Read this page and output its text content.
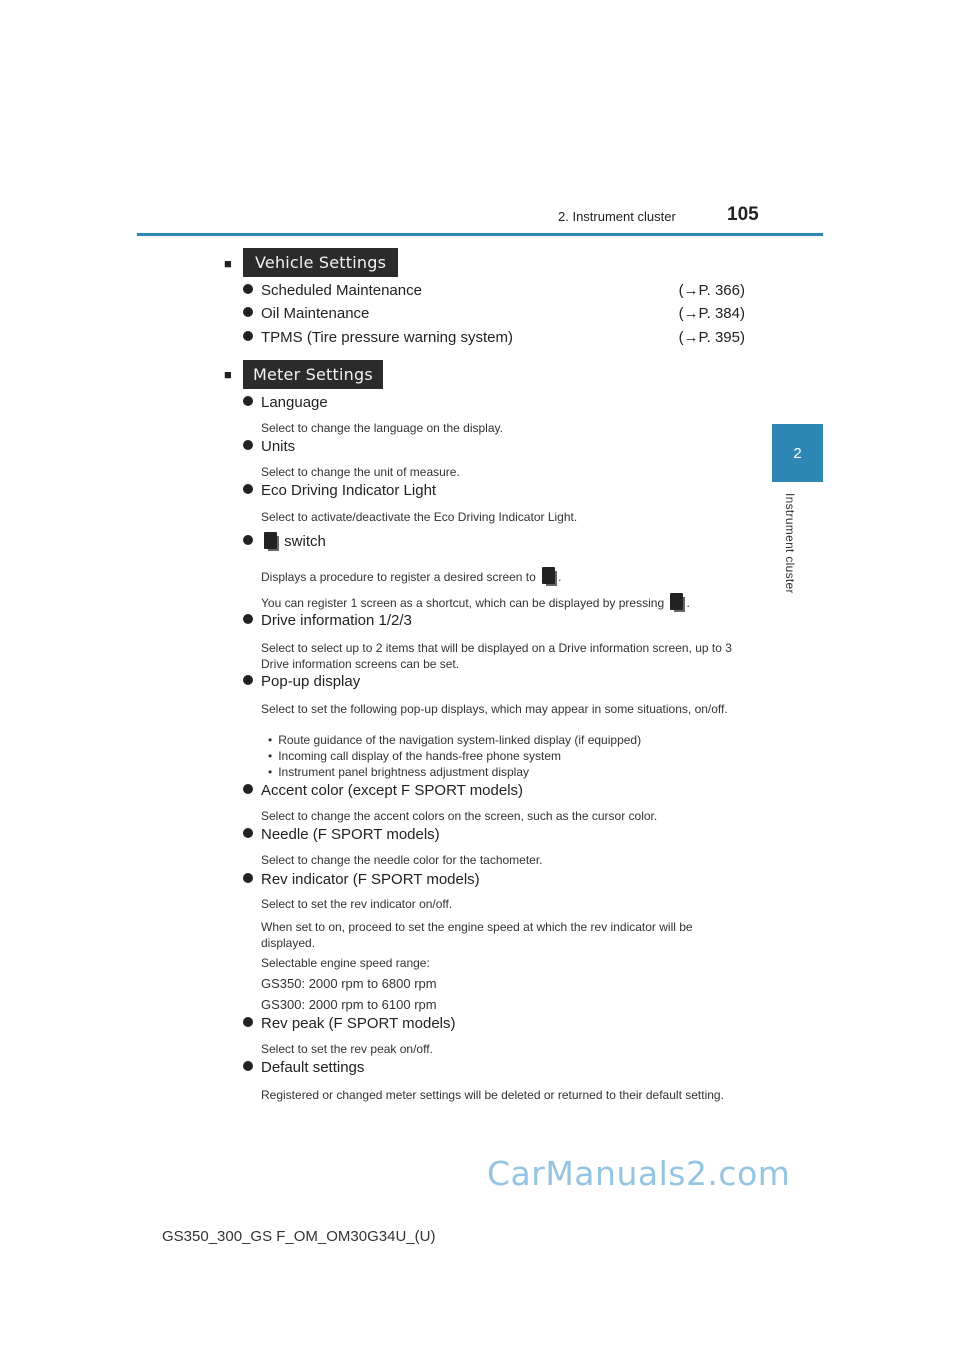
2. Instrument cluster	105
2
Instrument cluster
■	Vehicle Settings
Scheduled Maintenance	(→P. 366)
Oil Maintenance	(→P. 384)
TPMS (Tire pressure warning system)	(→P. 395)
■	Meter Settings
Language
Select to change the language on the display.
Units
Select to change the unit of measure.
Eco Driving Indicator Light
Select to activate/deactivate the Eco Driving Indicator Light.
switch
Displays a procedure to register a desired screen to .
You can register 1 screen as a shortcut, which can be displayed by pressing .
Drive information 1/2/3
Select to select up to 2 items that will be displayed on a Drive information screen, up to 3 Drive information screens can be set.
Pop-up display
Select to set the following pop-up displays, which may appear in some situations, on/off.
• Route guidance of the navigation system-linked display (if equipped)
• Incoming call display of the hands-free phone system
• Instrument panel brightness adjustment display
Accent color (except F SPORT models)
Select to change the accent colors on the screen, such as the cursor color.
Needle (F SPORT models)
Select to change the needle color for the tachometer.
Rev indicator (F SPORT models)
Select to set the rev indicator on/off.
When set to on, proceed to set the engine speed at which the rev indicator will be displayed.
Selectable engine speed range:
GS350: 2000 rpm to 6800 rpm
GS300: 2000 rpm to 6100 rpm
Rev peak (F SPORT models)
Select to set the rev peak on/off.
Default settings
Registered or changed meter settings will be deleted or returned to their default setting.
CarManuals2.com
GS350_300_GS F_OM_OM30G34U_(U)
